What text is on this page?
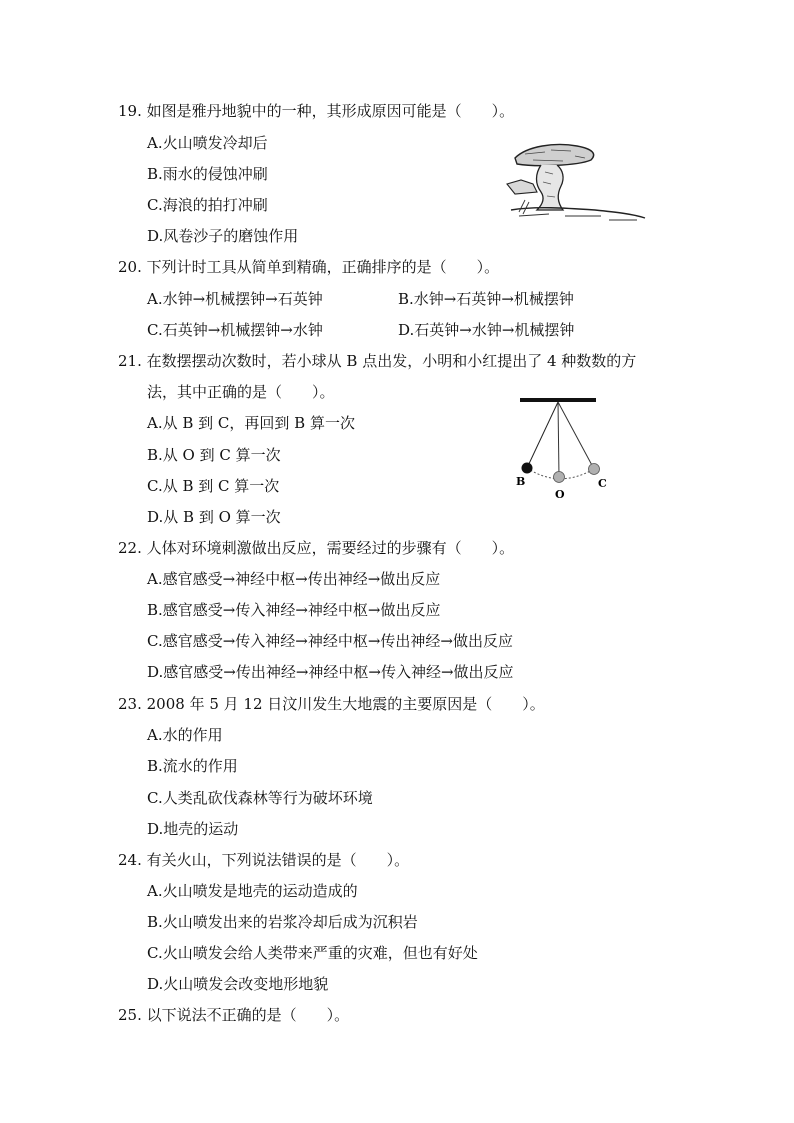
19. 如图是雅丹地貌中的一种，其形成原因可能是（　　）。
A.火山喷发冷却后
B.雨水的侵蚀冲刷
C.海浪的拍打冲刷
D.风卷沙子的磨蚀作用
20. 下列计时工具从简单到精确，正确排序的是（　　）。
A.水钟→机械摆钟→石英钟	B.水钟→石英钟→机械摆钟
C.石英钟→机械摆钟→水钟	D.石英钟→水钟→机械摆钟
21. 在数摆摆动次数时，若小球从 B 点出发，小明和小红提出了 4 种数数的方
法，其中正确的是（　　）。
A.从 B 到 C，再回到 B 算一次
B.从 O 到 C 算一次
C.从 B 到 C 算一次
D.从 B 到 O 算一次
B
O
C
22. 人体对环境刺激做出反应，需要经过的步骤有（　　）。
A.感官感受→神经中枢→传出神经→做出反应
B.感官感受→传入神经→神经中枢→做出反应
C.感官感受→传入神经→神经中枢→传出神经→做出反应
D.感官感受→传出神经→神经中枢→传入神经→做出反应
23. 2008 年 5 月 12 日汶川发生大地震的主要原因是（　　）。
A.水的作用
B.流水的作用
C.人类乱砍伐森林等行为破坏环境
D.地壳的运动
24. 有关火山，下列说法错误的是（　　）。
A.火山喷发是地壳的运动造成的
B.火山喷发出来的岩浆冷却后成为沉积岩
C.火山喷发会给人类带来严重的灾难，但也有好处
D.火山喷发会改变地形地貌
25. 以下说法不正确的是（　　）。
